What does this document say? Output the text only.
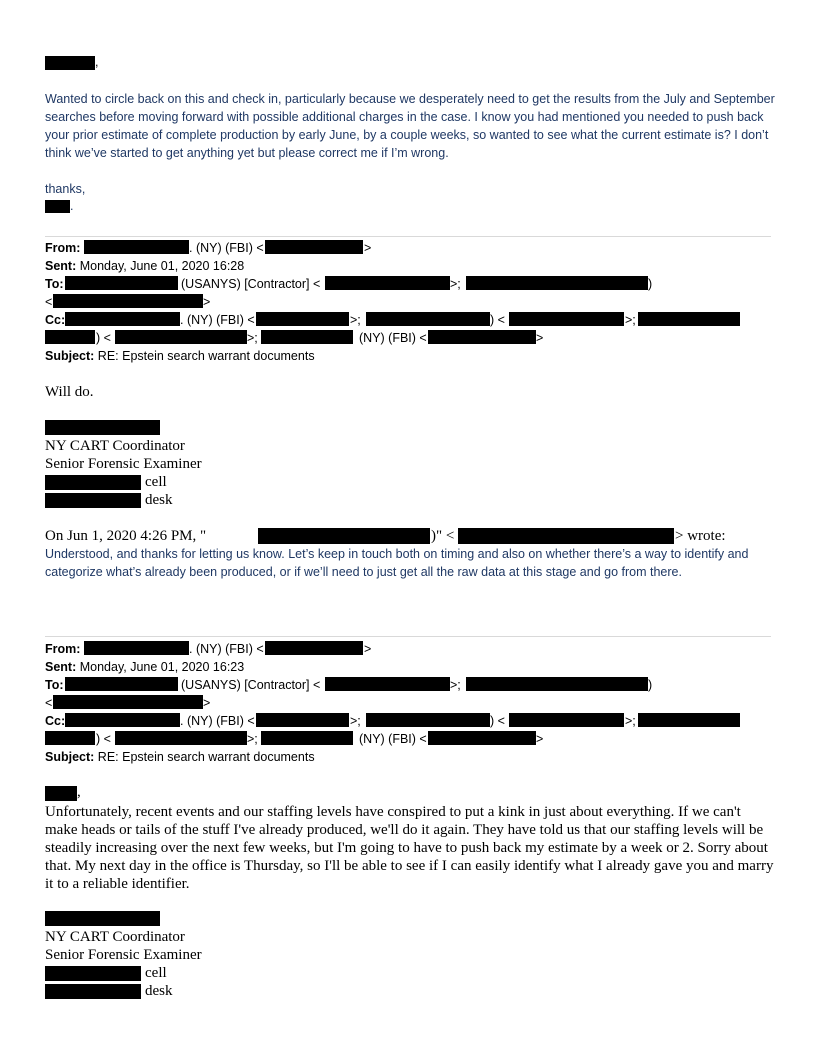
,
Wanted to circle back on this and check in, particularly because we desperately need to get the results from the July and September searches before moving forward with possible additional charges in the case. I know you had mentioned you needed to push back your prior estimate of complete production by early June, by a couple weeks, so wanted to see what the current estimate is? I don’t think we’ve started to get anything yet but please correct me if I’m wrong.
thanks,
.
From:	. (NY) (FBI) <	>
Sent: Monday, June 01, 2020 16:28
To:	(USANYS) [Contractor] <	>;	)
<	>
Cc:	. (NY) (FBI) <	>;	) <	>;
) <	>;	(NY) (FBI) <	>
Subject: RE: Epstein search warrant documents
Will do.
NY CART Coordinator
Senior Forensic Examiner
cell
desk
On Jun 1, 2020 4:26 PM, "	)" <	> wrote:
Understood, and thanks for letting us know. Let’s keep in touch both on timing and also on whether there’s a way to identify and categorize what’s already been produced, or if we’ll need to just get all the raw data at this stage and go from there.
From:	. (NY) (FBI) <	>
Sent: Monday, June 01, 2020 16:23
To:	(USANYS) [Contractor] <	>;	)
<	>
Cc:	. (NY) (FBI) <	>;	) <	>;
) <	>;	(NY) (FBI) <	>
Subject: RE: Epstein search warrant documents
,
Unfortunately, recent events and our staffing levels have conspired to put a kink in just about everything. If we can't make heads or tails of the stuff I've already produced, we'll do it again. They have told us that our staffing levels will be steadily increasing over the next few weeks, but I'm going to have to push back my estimate by a week or 2. Sorry about that. My next day in the office is Thursday, so I'll be able to see if I can easily identify what I already gave you and marry it to a reliable identifier.
NY CART Coordinator
Senior Forensic Examiner
cell
desk
